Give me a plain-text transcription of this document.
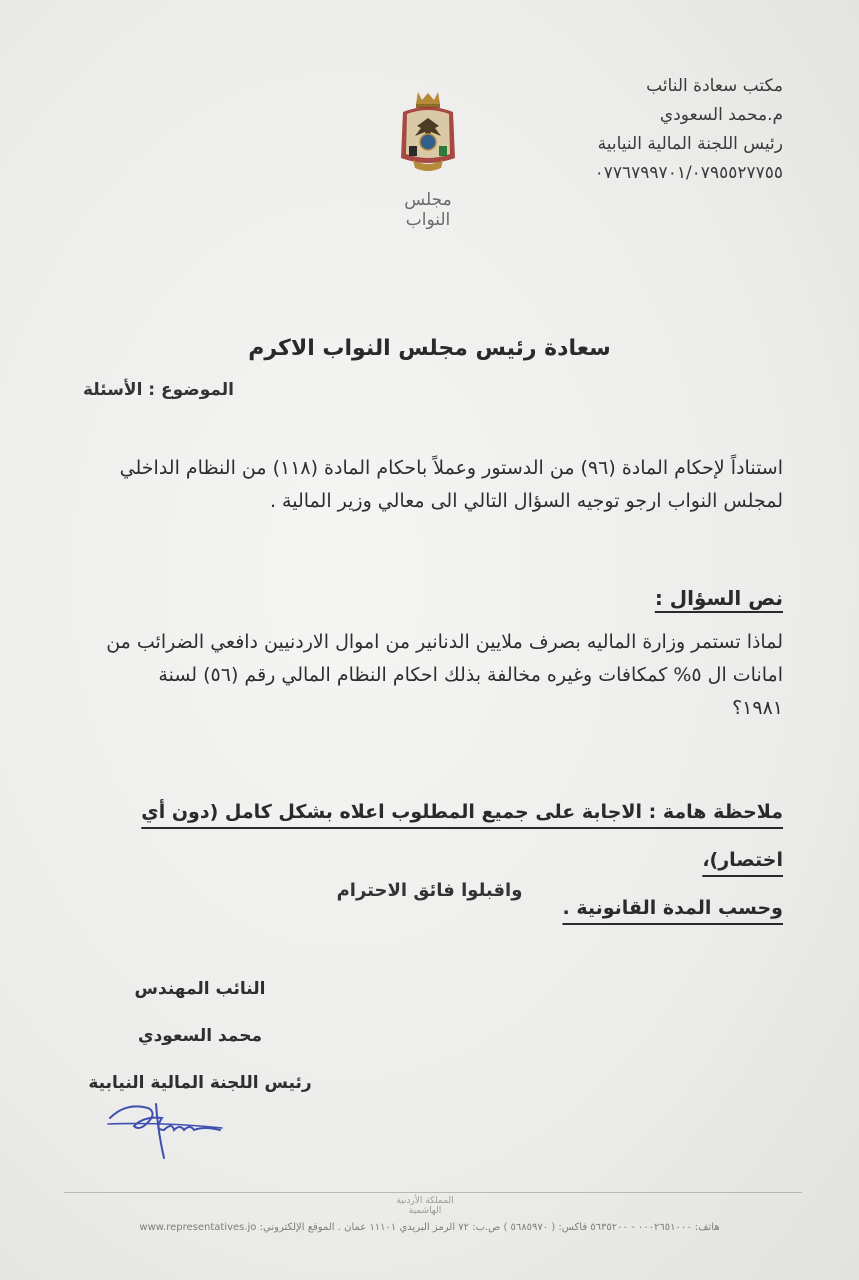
مكتب سعادة النائب
م.محمد السعودي
رئيس اللجنة المالية النيابية
٠٧٧٦٧٩٩٧٠١/٠٧٩٥٥٢٧٧٥٥
مجلس النواب
سعادة رئيس مجلس النواب الاكرم
الموضوع : الأسئلة
استناداً لإحكام المادة (٩٦) من الدستور وعملاً باحكام المادة (١١٨) من النظام الداخلي لمجلس النواب ارجو توجيه السؤال التالي الى معالي وزير المالية .
نص السؤال :
لماذا تستمر وزارة الماليه بصرف ملايين الدنانير من اموال الاردنيين دافعي الضرائب من امانات ال ٥% كمكافات وغيره مخالفة بذلك احكام النظام المالي رقم (٥٦) لسنة ١٩٨١؟
ملاحظة هامة : الاجابة على جميع المطلوب اعلاه بشكل كامل (دون أي اختصار)،
وحسب المدة القانونية .
واقبلوا فائق الاحترام
النائب المهندس
محمد السعودي
رئيس اللجنة المالية النيابية
المملكة الأردنية الهاشمية
هاتف: ٠٠٠٢٦٥١٠٠٠ - ٥٦٣٥٢٠٠ فاكس: ( ٥٦٨٥٩٧٠ ) ص.ب: ٧٢ الرمز البريدي ١١١٠١ عمان . الموقع الإلكتروني: www.representatives.jo
